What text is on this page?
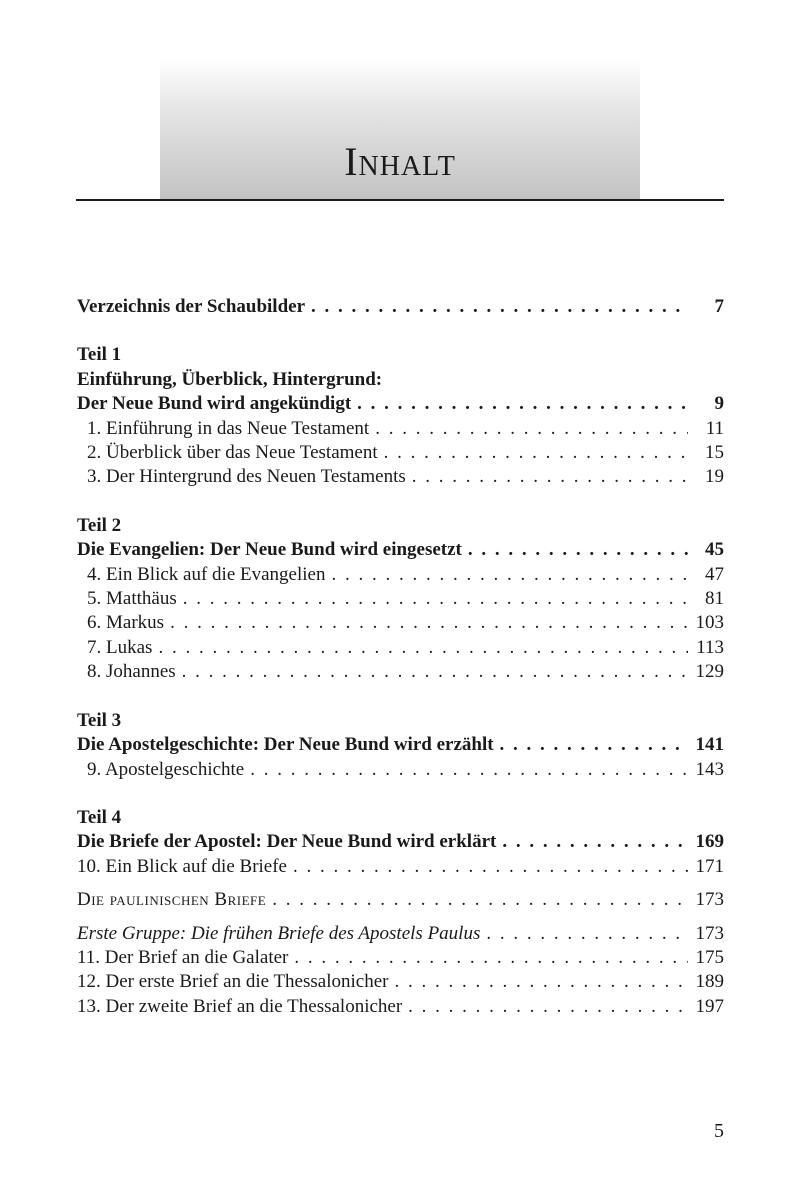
Inhalt
Verzeichnis der Schaubilder . . .	7
Teil 1
Einführung, Überblick, Hintergrund:
Der Neue Bund wird angekündigt . . .	9
1. Einführung in das Neue Testament . . .	11
2. Überblick über das Neue Testament . . .	15
3. Der Hintergrund des Neuen Testaments . . .	19
Teil 2
Die Evangelien: Der Neue Bund wird eingesetzt . . .	45
4. Ein Blick auf die Evangelien . . .	47
5. Matthäus . . .	81
6. Markus . . .	103
7. Lukas . . .	113
8. Johannes . . .	129
Teil 3
Die Apostelgeschichte: Der Neue Bund wird erzählt . . .	141
9. Apostelgeschichte . . .	143
Teil 4
Die Briefe der Apostel: Der Neue Bund wird erklärt . . .	169
10. Ein Blick auf die Briefe . . .	171
Die paulinischen Briefe . . .	173
Erste Gruppe: Die frühen Briefe des Apostels Paulus . . .	173
11. Der Brief an die Galater . . .	175
12. Der erste Brief an die Thessalonicher . . .	189
13. Der zweite Brief an die Thessalonicher . . .	197
5
